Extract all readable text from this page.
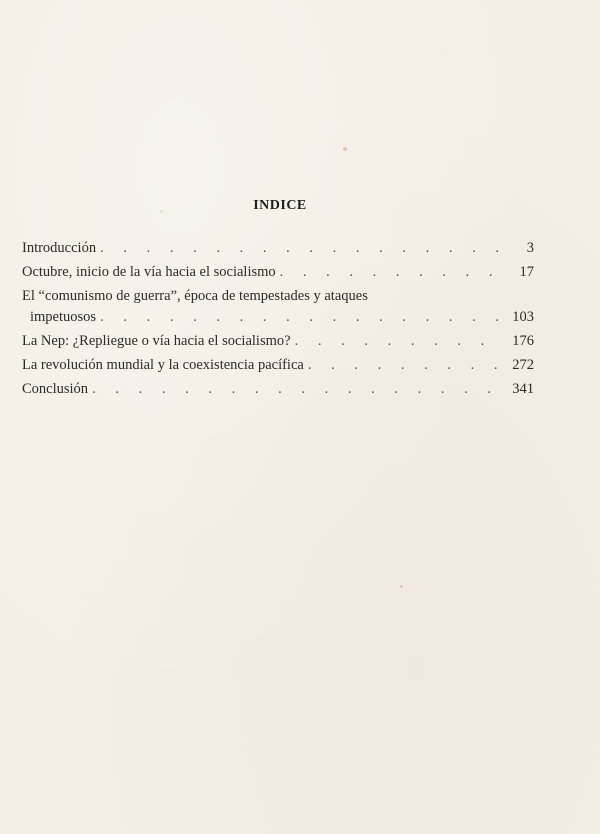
INDICE
Introducción . . .	3
Octubre, inicio de la vía hacia el socialismo . . .	17
El “comunismo de guerra”, época de tempestades y ataques
impetuosos . . .	103
La Nep: ¿Repliegue o vía hacia el socialismo? . . .	176
La revolución mundial y la coexistencia pacífica . . .	272
Conclusión . . .	341
